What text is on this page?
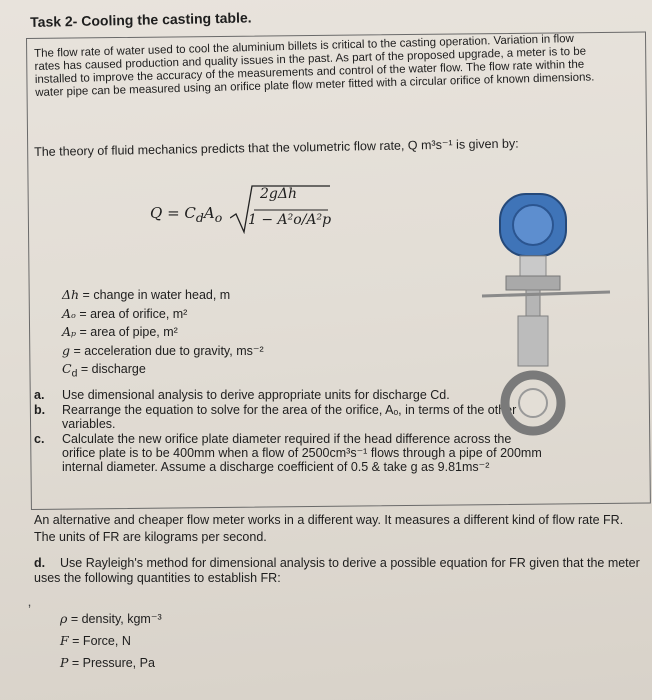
Task 2- Cooling the casting table.
The flow rate of water used to cool the aluminium billets is critical to the casting operation. Variation in flow rates has caused production and quality issues in the past. As part of the proposed upgrade, a meter is to be installed to improve the accuracy of the measurements and control of the water flow. The flow rate within the water pipe can be measured using an orifice plate flow meter fitted with a circular orifice of known dimensions.
The theory of fluid mechanics predicts that the volumetric flow rate, Q m³s⁻¹ is given by:
$Q = C_dA_o$
2gΔh
1 − A²o/A²p
Δh = change in water head, m
Aₒ = area of orifice, m²
Aₚ = area of pipe, m²
g = acceleration due to gravity, ms⁻²
$C_d$ = discharge
a. Use dimensional analysis to derive appropriate units for discharge Cd.
b. Rearrange the equation to solve for the area of the orifice, Aₒ, in terms of the other variables.
c. Calculate the new orifice plate diameter required if the head difference across the orifice plate is to be 400mm when a flow of 2500cm³s⁻¹ flows through a pipe of 200mm internal diameter. Assume a discharge coefficient of 0.5 & take g as 9.81ms⁻²
An alternative and cheaper flow meter works in a different way. It measures a different kind of flow rate FR. The units of FR are kilograms per second.
d. Use Rayleigh's method for dimensional analysis to derive a possible equation for FR given that the meter uses the following quantities to establish FR:
ʼ
ρ = density, kgm⁻³
F = Force, N
P = Pressure, Pa
